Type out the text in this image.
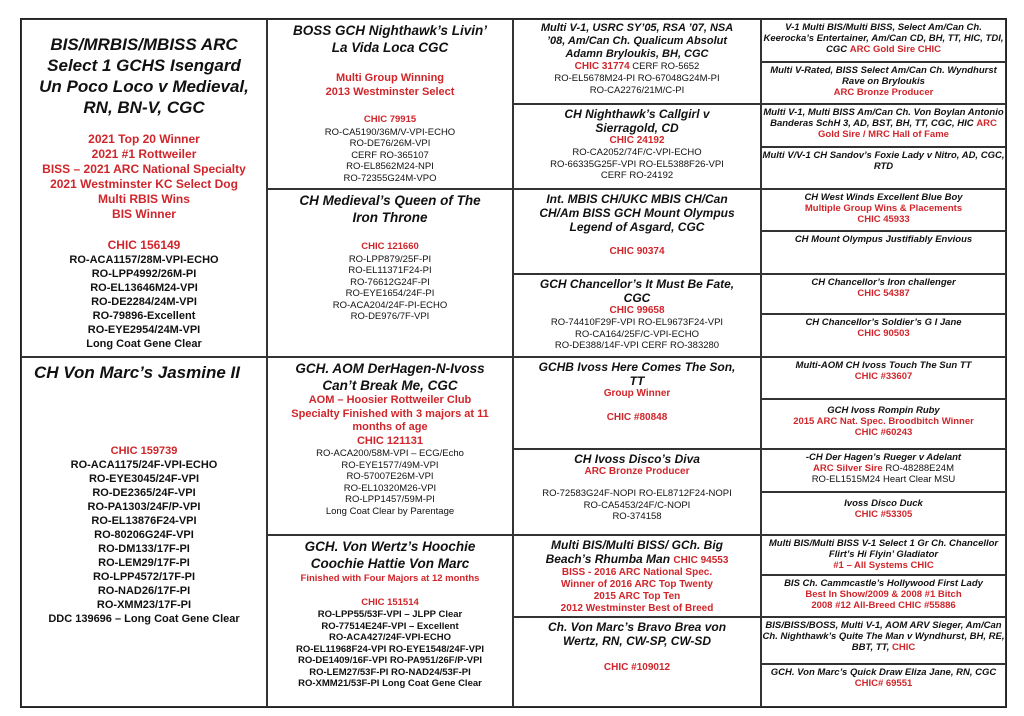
BIS/MRBIS/MBISS ARC
Select 1 GCHS Isengard
Un Poco Loco v Medieval,
RN, BN-V, CGC
2021 Top 20 Winner
2021 #1 Rottweiler
BISS – 2021 ARC National Specialty
2021 Westminster KC Select Dog
Multi RBIS Wins
BIS Winner
CHIC 156149
RO-ACA1157/28M-VPI-ECHO
RO-LPP4992/26M-PI
RO-EL13646M24-VPI
RO-DE2284/24M-VPI
RO-79896-Excellent
RO-EYE2954/24M-VPI
Long Coat Gene Clear
CH Von Marc’s Jasmine II
CHIC 159739
RO-ACA1175/24F-VPI-ECHO
RO-EYE3045/24F-VPI
RO-DE2365/24F-VPI
RO-PA1303/24F/P-VPI
RO-EL13876F24-VPI
RO-80206G24F-VPI
RO-DM133/17F-PI
RO-LEM29/17F-PI
RO-LPP4572/17F-PI
RO-NAD26/17F-PI
RO-XMM23/17F-PI
DDC 139696 – Long Coat Gene Clear
BOSS GCH Nighthawk’s Livin’
La Vida Loca CGC
Multi Group Winning
2013 Westminster Select
CHIC 79915
RO-CA5190/36M/V-VPI-ECHO
RO-DE76/26M-VPI
CERF RO-365107
RO-EL8562M24-NPI
RO-72355G24M-VPO
CH Medieval’s Queen of The
Iron Throne
CHIC 121660
RO-LPP879/25F-PI
RO-EL11371F24-PI
RO-76612G24F-PI
RO-EYE1654/24F-PI
RO-ACA204/24F-PI-ECHO
RO-DE976/7F-VPI
GCH. AOM DerHagen-N-Ivoss
Can’t Break Me, CGC
AOM – Hoosier Rottweiler Club
Specialty Finished with 3 majors at 11
months of age
CHIC 121131
RO-ACA200/58M-VPI – ECG/Echo
RO-EYE1577/49M-VPI
RO-57007E26M-VPI
RO-EL10320M26-VPI
RO-LPP1457/59M-PI
Long Coat Clear by Parentage
GCH. Von Wertz’s Hoochie
Coochie Hattie Von Marc
Finished with Four Majors at 12 months
CHIC 151514
RO-LPP55/53F-VPI – JLPP Clear
RO-77514E24F-VPI – Excellent
RO-ACA427/24F-VPI-ECHO
RO-EL11968F24-VPI RO-EYE1548/24F-VPI
RO-DE1409/16F-VPI RO-PA951/26F/P-VPI
RO-LEM27/53F-PI RO-NAD24/53F-PI
RO-XMM21/53F-PI Long Coat Gene Clear
Multi V-1, USRC SY’05, RSA ’07, NSA
’08, Am/Can Ch. Qualicum Absolut
Adamn Bryloukis, BH, CGC
CHIC 31774 CERF RO-5652
RO-EL5678M24-PI RO-67048G24M-PI
RO-CA2276/21M/C-PI
CH Nighthawk’s Callgirl v
Sierragold, CD
CHIC 24192
RO-CA2052/74F/C-VPI-ECHO
RO-66335G25F-VPI RO-EL5388F26-VPI
CERF RO-24192
Int. MBIS CH/UKC MBIS CH/Can
CH/Am BISS GCH Mount Olympus
Legend of Asgard, CGC
CHIC 90374
GCH Chancellor’s It Must Be Fate,
CGC
CHIC 99658
RO-74410F29F-VPI RO-EL9673F24-VPI
RO-CA164/25F/C-VPI-ECHO
RO-DE388/14F-VPI CERF RO-383280
GCHB Ivoss Here Comes The Son,
TT
Group Winner
CHIC #80848
CH Ivoss Disco’s Diva
ARC Bronze Producer
RO-72583G24F-NOPI RO-EL8712F24-NOPI
RO-CA5453/24F/C-NOPI
RO-374158
Multi BIS/Multi BISS/ GCh. Big
Beach’s Rhumba Man CHIC 94553
BISS - 2016 ARC National Spec.
Winner of 2016 ARC Top Twenty
2015 ARC Top Ten
2012 Westminster Best of Breed
Ch. Von Marc’s Bravo Brea von
Wertz, RN, CW-SP, CW-SD
CHIC #109012
V-1 Multi BIS/Multi BISS, Select Am/Can Ch. Keerocka’s Entertainer, Am/Can CD, BH, TT, HIC, TDI, CGC ARC Gold Sire CHIC
Multi V-Rated, BISS Select Am/Can Ch. Wyndhurst Rave on Bryloukis
ARC Bronze Producer
Multi V-1, Multi BISS Am/Can Ch. Von Boylan Antonio Banderas SchH 3, AD, BST, BH, TT, CGC, HIC ARC Gold Sire / MRC Hall of Fame
Multi V/V-1 CH Sandov’s Foxie Lady v Nitro, AD, CGC, RTD
CH West Winds Excellent Blue Boy
Multiple Group Wins & Placements
CHIC 45933
CH Mount Olympus Justifiably Envious
CH Chancellor’s Iron challenger
CHIC 54387
CH Chancellor’s Soldier’s G I Jane
CHIC 90503
Multi-AOM CH Ivoss Touch The Sun TT
CHIC #33607
GCH Ivoss Rompin Ruby
2015 ARC Nat. Spec. Broodbitch Winner
CHIC #60243
-CH Der Hagen’s Rueger v Adelant
ARC Silver Sire RO-48288E24M
RO-EL1515M24 Heart Clear MSU
Ivoss Disco Duck
CHIC #53305
Multi BIS/Multi BISS V-1 Select 1 Gr Ch. Chancellor Flirt’s Hi Flyin’ Gladiator
#1 – All Systems CHIC
BIS Ch. Cammcastle’s Hollywood First Lady
Best In Show/2009 & 2008 #1 Bitch
2008 #12 All-Breed CHIC #55886
BIS/BISS/BOSS, Multi V-1, AOM ARV Sieger, Am/Can Ch. Nighthawk’s Quite The Man v Wyndhurst, BH, RE, BBT, TT, CHIC
GCH. Von Marc’s Quick Draw Eliza Jane, RN, CGC
CHIC# 69551
